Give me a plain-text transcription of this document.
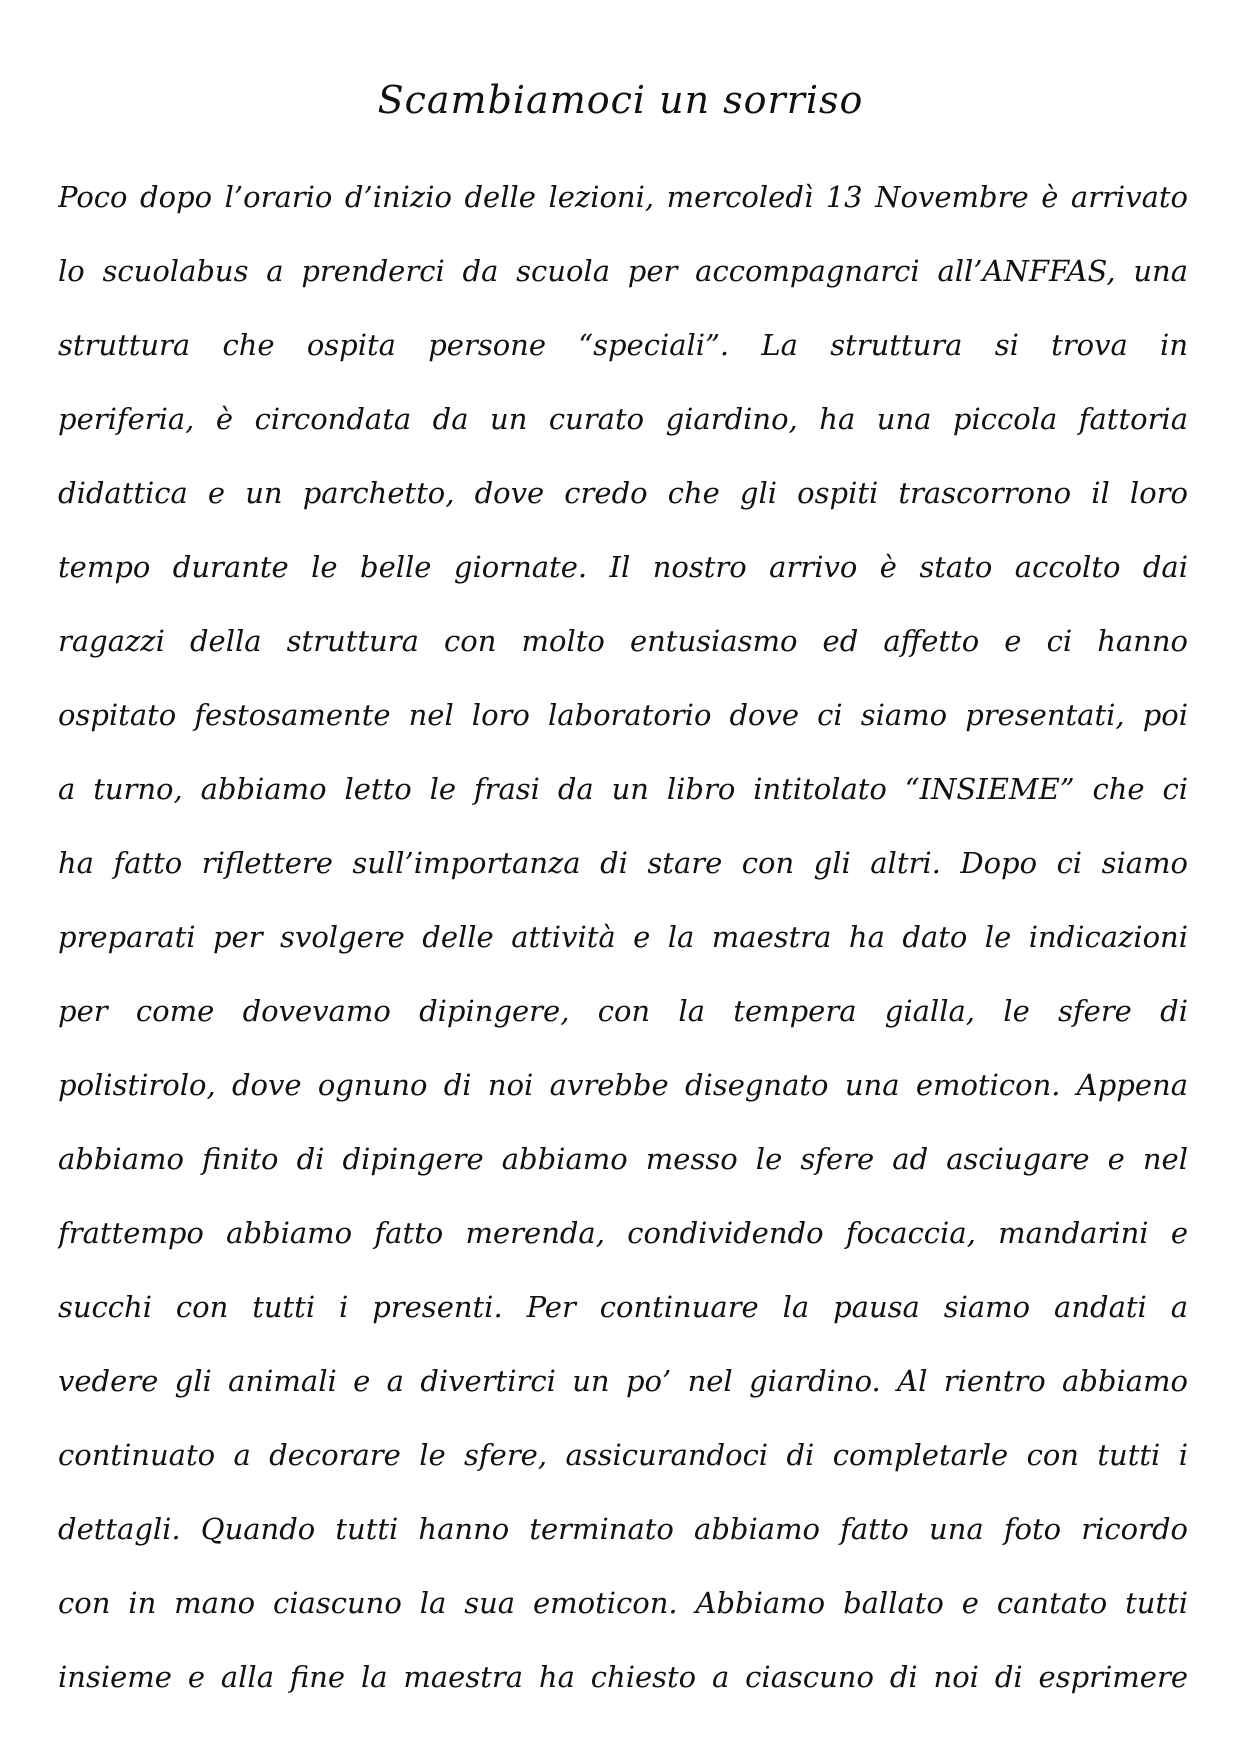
Scambiamoci un sorriso
Poco dopo l’orario d’inizio delle lezioni, mercoledì 13 Novembre è arrivato
lo scuolabus a prenderci da scuola per accompagnarci all’ANFFAS, una
struttura che ospita persone “speciali”. La struttura si trova in
periferia, è circondata da un curato giardino, ha una piccola fattoria
didattica e un parchetto, dove credo che gli ospiti trascorrono il loro
tempo durante le belle giornate. Il nostro arrivo è stato accolto dai
ragazzi della struttura con molto entusiasmo ed affetto e ci hanno
ospitato festosamente nel loro laboratorio dove ci siamo presentati, poi
a turno, abbiamo letto le frasi da un libro intitolato “INSIEME” che ci
ha fatto riflettere sull’importanza di stare con gli altri. Dopo ci siamo
preparati per svolgere delle attività e la maestra ha dato le indicazioni
per come dovevamo dipingere, con la tempera gialla, le sfere di
polistirolo, dove ognuno di noi avrebbe disegnato una emoticon. Appena
abbiamo finito di dipingere abbiamo messo le sfere ad asciugare e nel
frattempo abbiamo fatto merenda, condividendo focaccia, mandarini e
succhi con tutti i presenti. Per continuare la pausa siamo andati a
vedere gli animali e a divertirci un po’ nel giardino. Al rientro abbiamo
continuato a decorare le sfere, assicurandoci di completarle con tutti i
dettagli. Quando tutti hanno terminato abbiamo fatto una foto ricordo
con in mano ciascuno la sua emoticon. Abbiamo ballato e cantato tutti
insieme e alla fine la maestra ha chiesto a ciascuno di noi di esprimere
